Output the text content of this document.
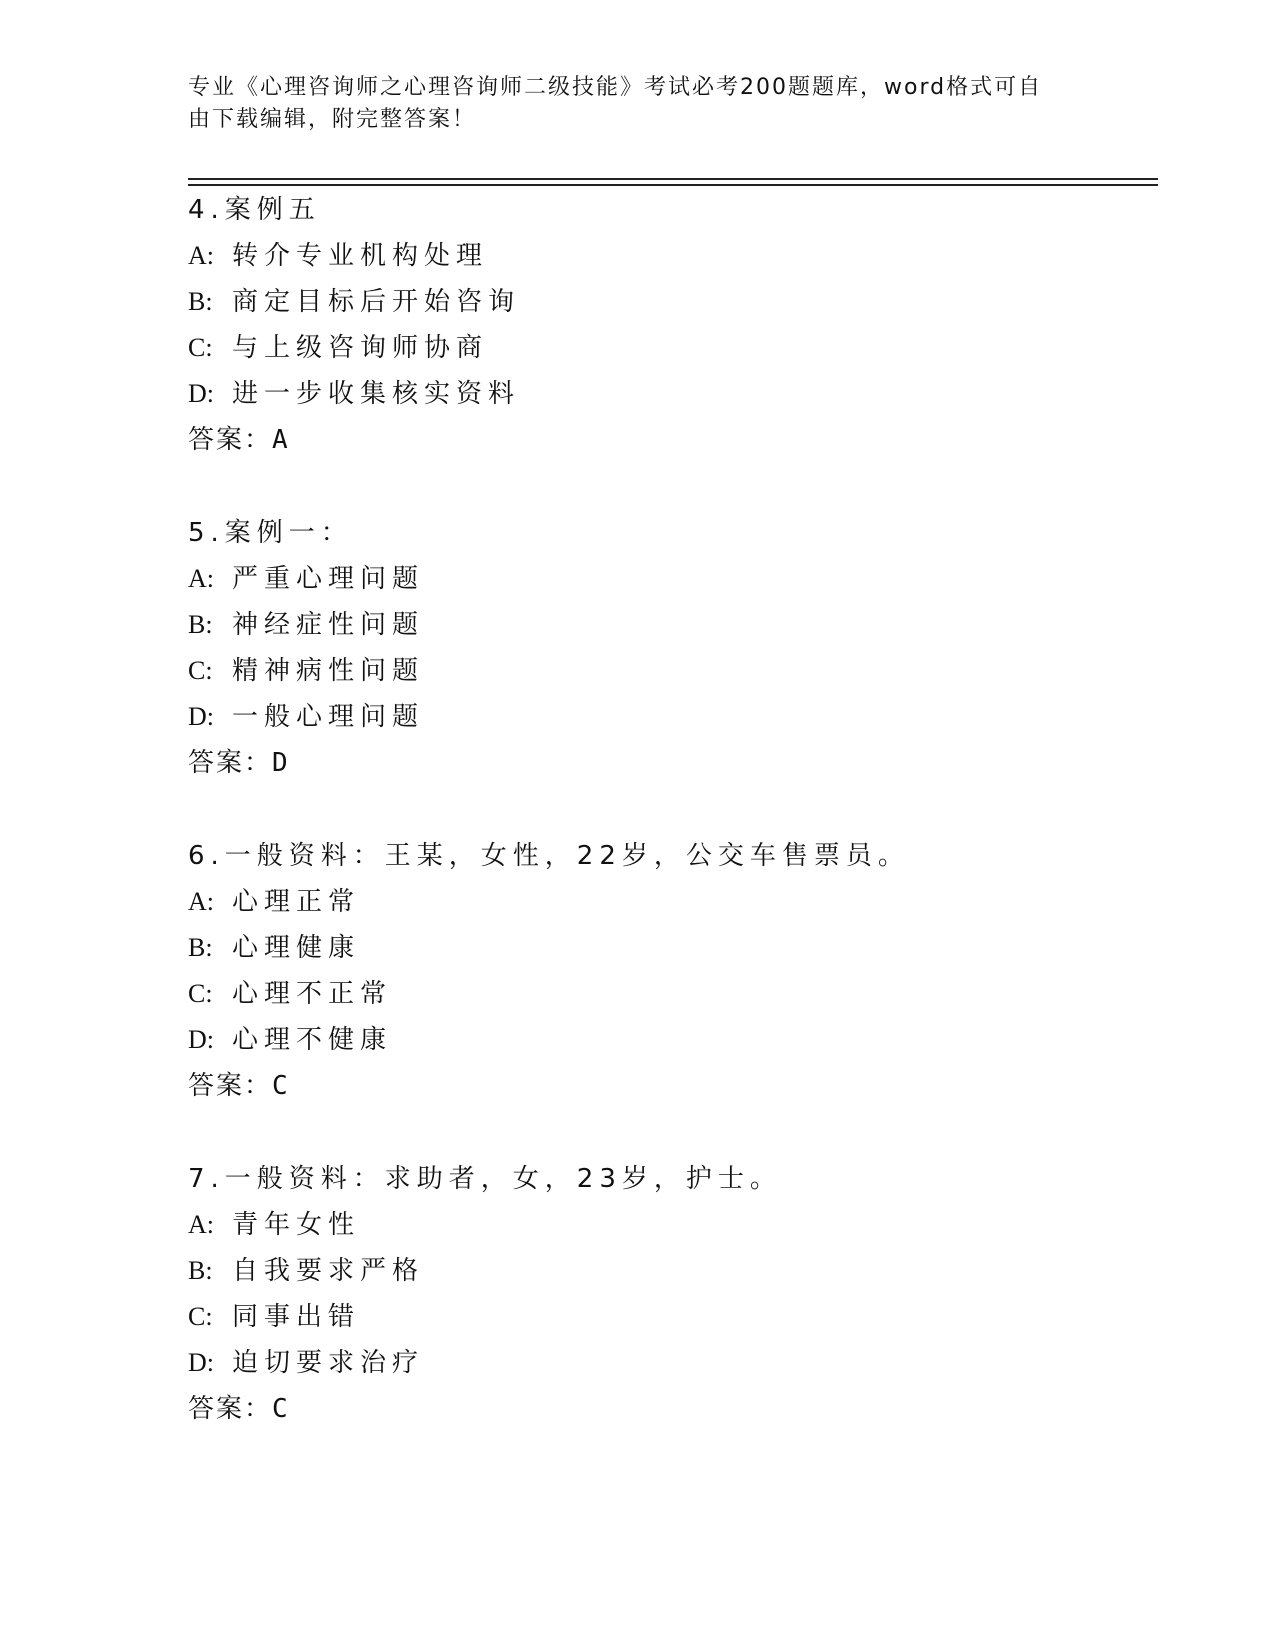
专业《心理咨询师之心理咨询师二级技能》考试必考200题题库，word格式可自
由下载编辑，附完整答案！
4.案例五
A: 转介专业机构处理
B: 商定目标后开始咨询
C: 与上级咨询师协商
D: 进一步收集核实资料
答案：A
5.案例一：
A: 严重心理问题
B: 神经症性问题
C: 精神病性问题
D: 一般心理问题
答案：D
6.一般资料：王某，女性，22岁，公交车售票员。
A: 心理正常
B: 心理健康
C: 心理不正常
D: 心理不健康
答案：C
7.一般资料：求助者，女，23岁，护士。
A: 青年女性
B: 自我要求严格
C: 同事出错
D: 迫切要求治疗
答案：C
